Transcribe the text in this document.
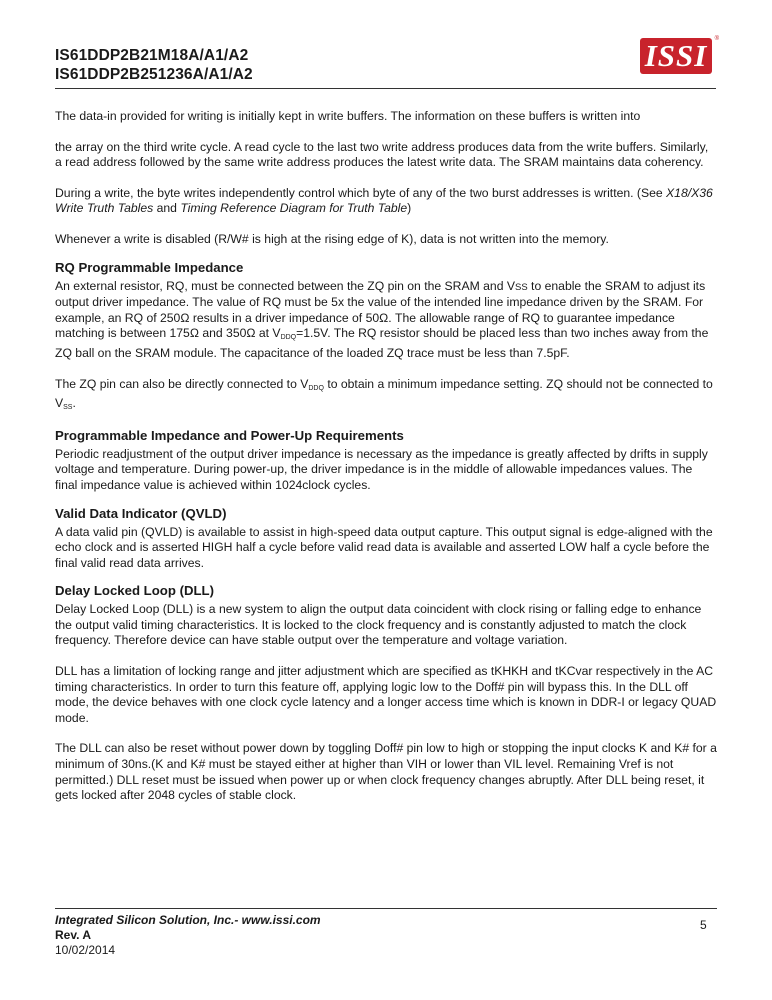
IS61DDP2B21M18A/A1/A2
IS61DDP2B251236A/A1/A2
ISSI	®

The data-in provided for writing is initially kept in write buffers. The information on these buffers is written into

the array on the third write cycle. A read cycle to the last two write address produces data from the write buffers. Similarly, a read address followed by the same write address produces the latest write data. The SRAM maintains data coherency.

During a write, the byte writes independently control which byte of any of the two burst addresses is written. (See X18/X36 Write Truth Tables and Timing Reference Diagram for Truth Table)

Whenever a write is disabled (R/W# is high at the rising edge of K), data is not written into the memory.

RQ Programmable Impedance

An external resistor, RQ, must be connected between the ZQ pin on the SRAM and VSS to enable the SRAM to adjust its output driver impedance. The value of RQ must be 5x the value of the intended line impedance driven by the SRAM. For example, an RQ of 250Ω results in a driver impedance of 50Ω. The allowable range of RQ to guarantee impedance matching is between 175Ω and 350Ω at $V_{DDQ}=1.5V$. The RQ resistor should be placed less than two inches away from the ZQ ball on the SRAM module. The capacitance of the loaded ZQ trace must be less than 7.5pF.

The ZQ pin can also be directly connected to $V_{DDQ}$ to obtain a minimum impedance setting. ZQ should not be connected to $V_{SS}$.

Programmable Impedance and Power-Up Requirements

Periodic readjustment of the output driver impedance is necessary as the impedance is greatly affected by drifts in supply voltage and temperature. During power-up, the driver impedance is in the middle of allowable impedances values. The final impedance value is achieved within 1024clock cycles.

Valid Data Indicator (QVLD)

A data valid pin (QVLD) is available to assist in high-speed data output capture. This output signal is edge-aligned with the echo clock and is asserted HIGH half a cycle before valid read data is available and asserted LOW half a cycle before the final valid read data arrives.

Delay Locked Loop (DLL)

Delay Locked Loop (DLL) is a new system to align the output data coincident with clock rising or falling edge to enhance the output valid timing characteristics. It is locked to the clock frequency and is constantly adjusted to match the clock frequency. Therefore device can have stable output over the temperature and voltage variation.

DLL has a limitation of locking range and jitter adjustment which are specified as tKHKH and tKCvar respectively in the AC timing characteristics. In order to turn this feature off, applying logic low to the Doff# pin will bypass this. In the DLL off mode, the device behaves with one clock cycle latency and a longer access time which is known in DDR-I or legacy QUAD mode.

The DLL can also be reset without power down by toggling Doff# pin low to high or stopping the input clocks K and K# for a minimum of 30ns.(K and K# must be stayed either at higher than VIH or lower than VIL level. Remaining Vref is not permitted.) DLL reset must be issued when power up or when clock frequency changes abruptly. After DLL being reset, it gets locked after 2048 cycles of stable clock.

Integrated Silicon Solution, Inc.- www.issi.com
Rev. A
10/02/2014
5
